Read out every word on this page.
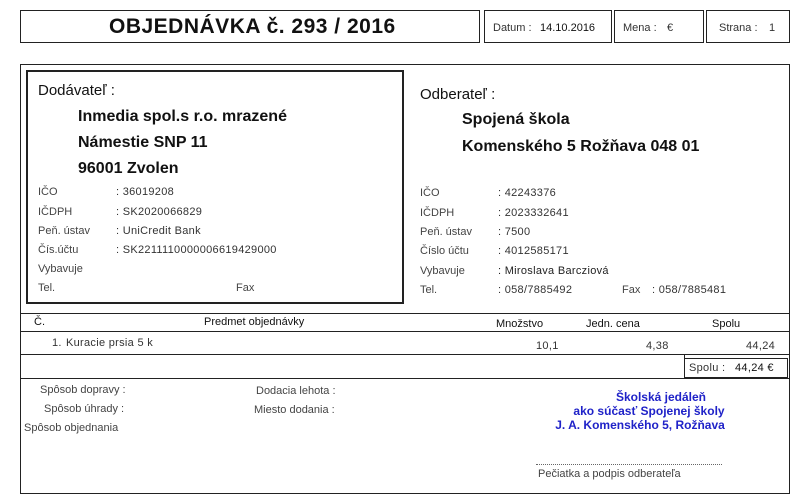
OBJEDNÁVKA č. 293 / 2016	Datum : 14.10.2016	Mena : €	Strana : 1
Dodávateľ :
Inmedia spol.s r.o. mrazené
Námestie SNP 11
96001 Zvolen
IČO	: 36019208
IČDPH	: SK2020066829
Peň. ústav : UniCredit Bank
Čís.účtu	: SK2211110000006619429000
Vybavuje
Tel.	Fax
Odberateľ :
Spojená škola
Komenského 5 Rožňava 048 01
IČO	: 42243376
IČDPH	: 2023332641
Peň. ústav : 7500
Číslo účtu	: 4012585171
Vybavuje	: Miroslava Barcziová
Tel.	: 058/7885492	Fax : 058/7885481
Č.	Predmet objednávky	Množstvo	Jedn. cena	Spolu
1. Kuracie prsia 5 k	10,1	4,38	44,24
Spolu : 44,24 €
Spôsob dopravy :
Spôsob úhrady :
Spôsob objednania
Dodacia lehota :
Miesto dodania :
Školská jedáleň
ako súčasť Spojenej školy
J. A. Komenského 5, Rožňava
Pečiatka a podpis odberateľa
